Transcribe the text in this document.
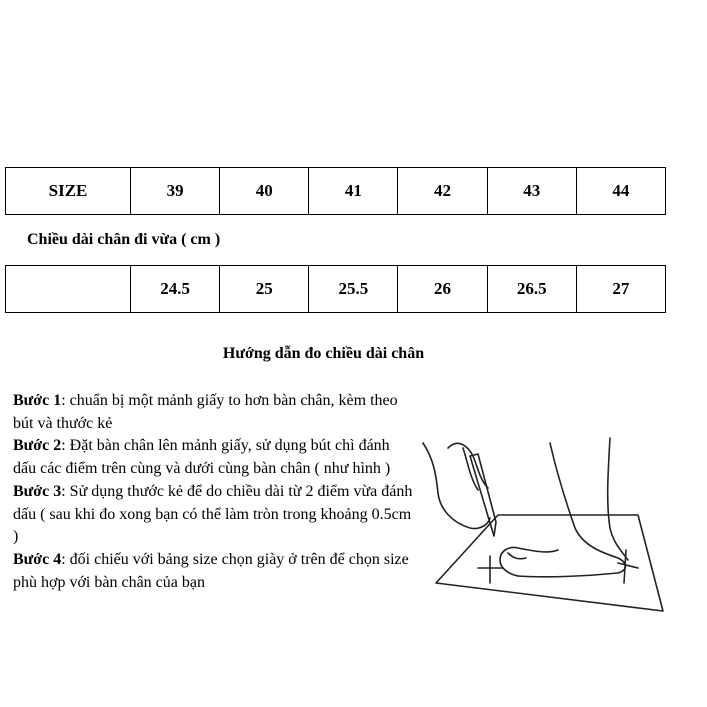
SIZE	39	40	41	42	43	44
Chiều dài chân đi vừa ( cm )
	24.5	25	25.5	26	26.5	27
Hướng dẫn đo chiều dài chân

Bước 1: chuẩn bị một mảnh giấy to hơn bàn chân, kèm theo bút và thước kẻ

Bước 2: Đặt bàn chân lên mảnh giấy, sử dụng bút chì đánh dấu các điểm trên cùng và dưới cùng bàn chân ( như hình )

Bước 3: Sử dụng thước kẻ để do chiều dài từ 2 điểm vừa đánh dấu ( sau khi đo xong bạn có thể làm tròn trong khoảng 0.5cm )

Bước 4: đối chiếu với bảng size chọn giày ở trên để chọn size phù hợp với bàn chân của bạn
